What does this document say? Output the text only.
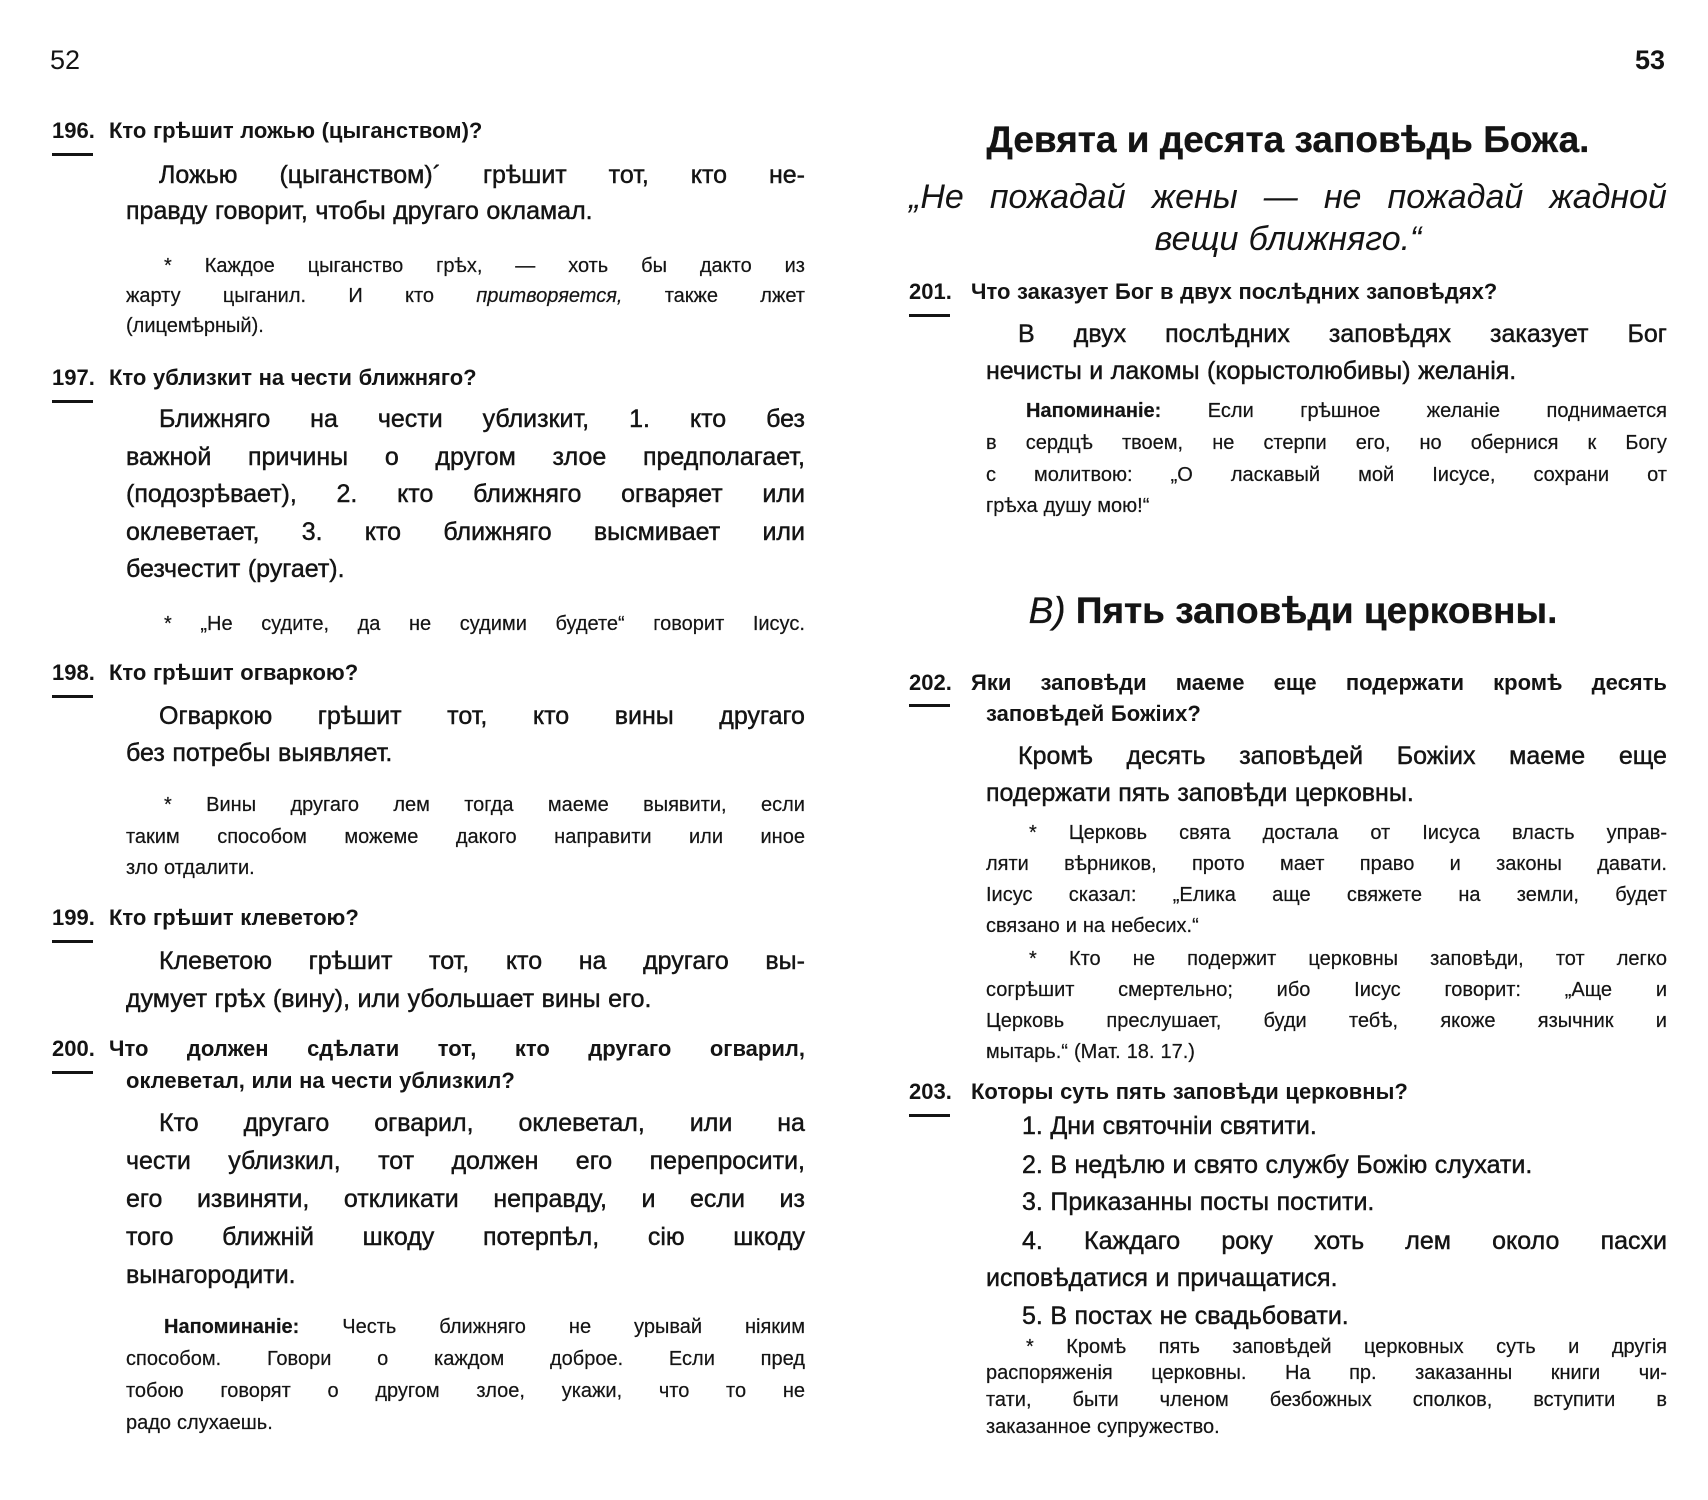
52
196. Кто грѣшит ложью (цыганством)?
Ложью (цыганством)´ грѣшит тот, кто не-
правду говорит, чтобы другаго окламал.
* Каждое цыганство грѣх, — хоть бы дакто из
жарту цыганил. И кто притворяется, также лжет
(лицемѣрный).
197. Кто ублизкит на чести ближняго?
Ближняго на чести ублизкит, 1. кто без
важной причины о другом злое предполагает,
(подозрѣвает), 2. кто ближняго огваряет или
оклеветает, 3. кто ближняго высмивает или
безчестит (ругает).
* „Не судите, да не судими будете“ говорит Іисус.
198. Кто грѣшит огваркою?
Огваркою грѣшит тот, кто вины другаго
без потребы выявляет.
* Вины другаго лем тогда маеме выявити, если
таким способом можеме дакого направити или иное
зло отдалити.
199. Кто грѣшит клеветою?
Клеветою грѣшит тот, кто на другаго вы-
думует грѣх (вину), или убольшает вины его.
200. Что должен сдѣлати тот, кто другаго огварил,
оклеветал, или на чести ублизкил?
Кто другаго огварил, оклеветал, или на
чести ублизкил, тот должен его перепросити,
его извиняти, откликати неправду, и если из
того ближній шкоду потерпѣл, сію шкоду
вынагородити.
Напоминаніе: Честь ближняго не урывай ніяким
способом. Говори о каждом доброе. Если пред
тобою говорят о другом злое, укажи, что то не
радо слухаешь.
53
Девята и десята заповѣдь Божа.
„Не пожадай жены — не пожадай жадной
вещи ближняго.“
B) Пять заповѣди церковны.
201. Что заказует Бог в двух послѣдних заповѣдях?
В двух послѣдних заповѣдях заказует Бог
нечисты и лакомы (корыстолюбивы) желанія.
Напоминаніе: Если грѣшное желаніе поднимается
в сердцѣ твоем, не стерпи его, но обернися к Богу
с молитвою: „О ласкавый мой Іисусе, сохрани от
грѣха душу мою!“
202. Яки заповѣди маеме еще подержати кромѣ десять
заповѣдей Божіих?
Кромѣ десять заповѣдей Божіих маеме еще
подержати пять заповѣди церковны.
* Церковь свята достала от Іисуса власть управ-
ляти вѣрников, прото мает право и законы давати.
Іисус сказал: „Елика аще свяжете на земли, будет
связано и на небесих.“
* Кто не подержит церковны заповѣди, тот легко
согрѣшит смертельно; ибо Іисус говорит: „Аще и
Церковь преслушает, буди тебѣ, якоже язычник и
мытарь.“ (Мат. 18. 17.)
203. Которы суть пять заповѣди церковны?
1. Дни святочніи святити.
2. В недѣлю и свято службу Божію слухати.
3. Приказанны посты постити.
4. Каждаго року хоть лем около пасхи
исповѣдатися и причащатися.
5. В постах не свадьбовати.
* Кромѣ пять заповѣдей церковных суть и другія
распоряженія церковны. На пр. заказанны книги чи-
тати, быти членом безбожных сполков, вступити в
заказанное супружество.
